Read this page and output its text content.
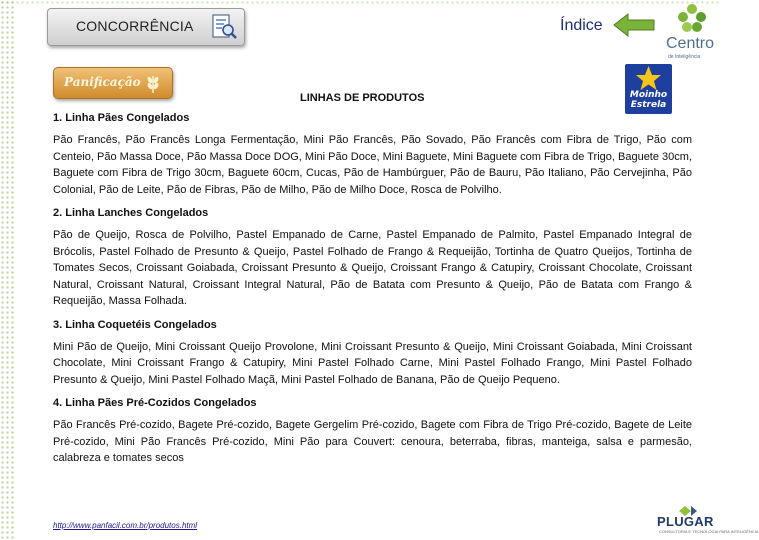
CONCORRÊNCIA	Índice
Centro
de Inteligência
Panificação
Moinho
Estrela
LINHAS DE PRODUTOS

1. Linha Pães Congelados

Pão Francês, Pão Francês Longa Fermentação, Mini Pão Francês, Pão Sovado, Pão Francês com Fibra de Trigo, Pão com Centeio, Pão Massa Doce, Pão Massa Doce DOG, Mini Pão Doce, Mini Baguete, Mini Baguete com Fibra de Trigo, Baguete 30cm, Baguete com Fibra de Trigo 30cm, Baguete 60cm, Cucas, Pão de Hambúrguer, Pão de Bauru, Pão Italiano, Pão Cervejinha, Pão Colonial, Pão de Leite, Pão de Fibras, Pão de Milho, Pão de Milho Doce, Rosca de Polvilho.

2. Linha Lanches Congelados

Pão de Queijo, Rosca de Polvilho, Pastel Empanado de Carne, Pastel Empanado de Palmito, Pastel Empanado Integral de Brócolis, Pastel Folhado de Presunto & Queijo, Pastel Folhado de Frango & Requeijão, Tortinha de Quatro Queijos, Tortinha de Tomates Secos, Croissant Goiabada, Croissant Presunto & Queijo, Croissant Frango & Catupiry, Croissant Chocolate, Croissant Natural, Croissant Natural, Croissant Integral Natural, Pão de Batata com Presunto & Queijo, Pão de Batata com Frango & Requeijão, Massa Folhada.

3. Linha Coquetéis Congelados

Mini Pão de Queijo, Mini Croissant Queijo Provolone, Mini Croissant Presunto & Queijo, Mini Croissant Goiabada, Mini Croissant Chocolate, Mini Croissant Frango & Catupiry, Mini Pastel Folhado Carne, Mini Pastel Folhado Frango, Mini Pastel Folhado Presunto & Queijo, Mini Pastel Folhado Maçã, Mini Pastel Folhado de Banana, Pão de Queijo Pequeno.

4. Linha Pães Pré-Cozidos Congelados

Pão Francês Pré-cozido, Bagete Pré-cozido, Bagete Gergelim Pré-cozido, Bagete com Fibra de Trigo Pré-cozido, Bagete de Leite Pré-cozido, Mini Pão Francês Pré-cozido, Mini Pão para Couvert: cenoura, beterraba, fibras, manteiga, salsa e parmesão, calabreza e tomates secos

http://www.panfacil.com.br/produtos.html	PLUGAR
CONSULTORIA E TECNOLOGIA PARA INTELIGÊNCIA
